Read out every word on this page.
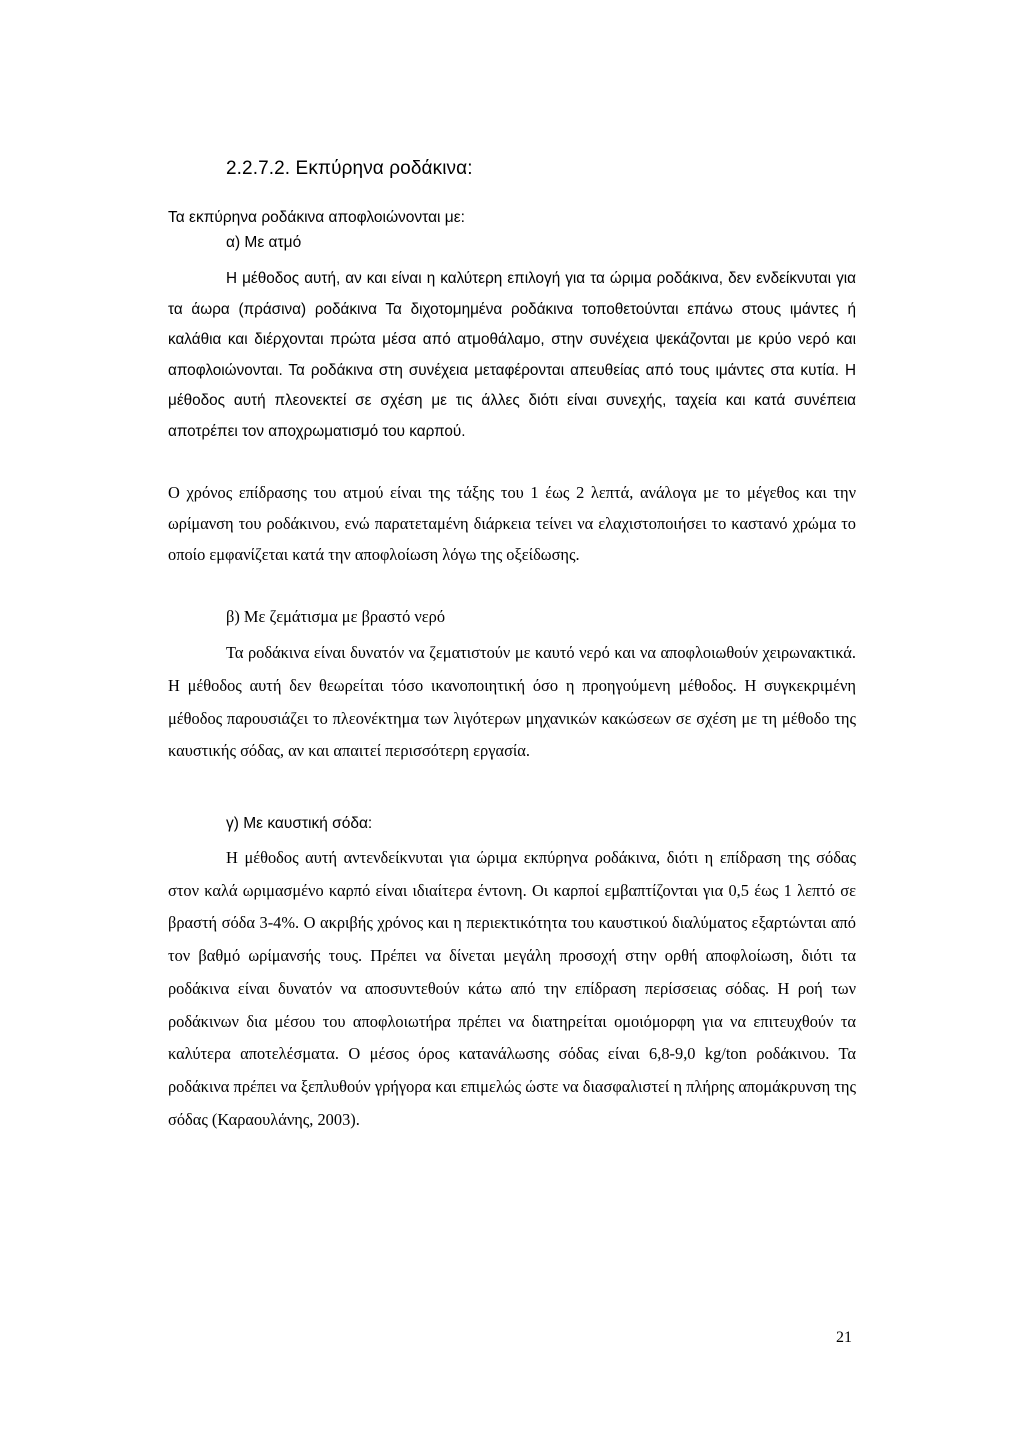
2.2.7.2. Εκπύρηνα ροδάκινα:

Τα εκπύρηνα ροδάκινα αποφλοιώνονται με:

α) Με ατμό

Η μέθοδος αυτή, αν και είναι η καλύτερη επιλογή για τα ώριμα ροδάκινα, δεν ενδείκνυται για τα άωρα (πράσινα) ροδάκινα Τα διχοτομημένα ροδάκινα τοποθετούνται επάνω στους ιμάντες ή καλάθια και διέρχονται πρώτα μέσα από ατμοθάλαμο, στην συνέχεια ψεκάζονται με κρύο νερό και αποφλοιώνονται. Τα ροδάκινα στη συνέχεια μεταφέρονται απευθείας από τους ιμάντες στα κυτία. Η μέθοδος αυτή πλεονεκτεί σε σχέση με τις άλλες διότι είναι συνεχής, ταχεία και κατά συνέπεια αποτρέπει τον αποχρωματισμό του καρπού.

Ο χρόνος επίδρασης του ατμού είναι της τάξης του 1 έως 2 λεπτά, ανάλογα με το μέγεθος και την ωρίμανση του ροδάκινου, ενώ παρατεταμένη διάρκεια τείνει να ελαχιστοποιήσει το καστανό χρώμα το οποίο εμφανίζεται κατά την αποφλοίωση λόγω της οξείδωσης.

β) Με ζεμάτισμα με βραστό νερό

Τα ροδάκινα είναι δυνατόν να ζεματιστούν με καυτό νερό και να αποφλοιωθούν χειρωνακτικά. Η μέθοδος αυτή δεν θεωρείται τόσο ικανοποιητική όσο η προηγούμενη μέθοδος. Η συγκεκριμένη μέθοδος παρουσιάζει το πλεονέκτημα των λιγότερων μηχανικών κακώσεων σε σχέση με τη μέθοδο της καυστικής σόδας, αν και απαιτεί περισσότερη εργασία.

γ) Με καυστική σόδα:

Η μέθοδος αυτή αντενδείκνυται για ώριμα εκπύρηνα ροδάκινα, διότι η επίδραση της σόδας στον καλά ωριμασμένο καρπό είναι ιδιαίτερα έντονη. Οι καρποί εμβαπτίζονται για 0,5 έως 1 λεπτό σε βραστή σόδα 3-4%. Ο ακριβής χρόνος και η περιεκτικότητα του καυστικού διαλύματος εξαρτώνται από τον βαθμό ωρίμανσής τους. Πρέπει να δίνεται μεγάλη προσοχή στην ορθή αποφλοίωση, διότι τα ροδάκινα είναι δυνατόν να αποσυντεθούν κάτω από την επίδραση περίσσειας σόδας. Η ροή των ροδάκινων δια μέσου του αποφλοιωτήρα πρέπει να διατηρείται ομοιόμορφη για να επιτευχθούν τα καλύτερα αποτελέσματα. Ο μέσος όρος κατανάλωσης σόδας είναι 6,8-9,0 kg/ton ροδάκινου. Τα ροδάκινα πρέπει να ξεπλυθούν γρήγορα και επιμελώς ώστε να διασφαλιστεί η πλήρης απομάκρυνση της σόδας (Καραουλάνης, 2003).

21
